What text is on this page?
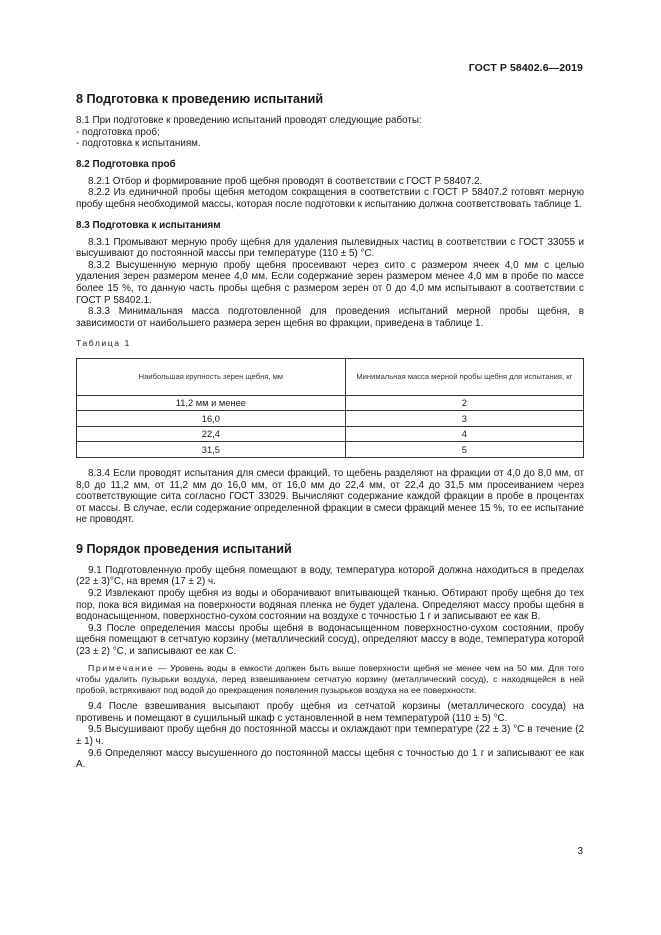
ГОСТ Р 58402.6—2019
8 Подготовка к проведению испытаний

8.1 При подготовке к проведению испытаний проводят следующие работы:

- подготовка проб;

- подготовка к испытаниям.

8.2 Подготовка проб

8.2.1 Отбор и формирование проб щебня проводят в соответствии с ГОСТ Р 58407.2.

8.2.2 Из единичной пробы щебня методом сокращения в соответствии с ГОСТ Р 58407.2 готовят мерную пробу щебня необходимой массы, которая после подготовки к испытанию должна соответствовать таблице 1.

8.3 Подготовка к испытаниям

8.3.1 Промывают мерную пробу щебня для удаления пылевидных частиц в соответствии с ГОСТ 33055 и высушивают до постоянной массы при температуре (110 ± 5) °С.

8.3.2 Высушенную мерную пробу щебня просеивают через сито с размером ячеек 4,0 мм с целью удаления зерен размером менее 4,0 мм. Если содержание зерен размером менее 4,0 мм в пробе по массе более 15 %, то данную часть пробы щебня с размером зерен от 0 до 4,0 мм испытывают в соответствии с ГОСТ Р 58402.1.

8.3.3 Минимальная масса подготовленной для проведения испытаний мерной пробы щебня, в зависимости от наибольшего размера зерен щебня во фракции, приведена в таблице 1.

Таблица 1

Наибольшая крупность зерен щебня, мм	Минимальная масса мерной пробы щебня для испытания, кг
11,2 мм и менее	2
16,0	3
22,4	4
31,5	5

8.3.4 Если проводят испытания для смеси фракций, то щебень разделяют на фракции от 4,0 до 8,0 мм, от 8,0 до 11,2 мм, от 11,2 мм до 16,0 мм, от 16,0 мм до 22,4 мм, от 22,4 до 31,5 мм просеиванием через соответствующие сита согласно ГОСТ 33029. Вычисляют содержание каждой фракции в пробе в процентах от массы. В случае, если содержание определенной фракции в смеси фракций менее 15 %, то ее испытание не проводят.

9 Порядок проведения испытаний

9.1 Подготовленную пробу щебня помещают в воду, температура которой должна находиться в пределах (22 ± 3)°С, на время (17 ± 2) ч.

9.2 Извлекают пробу щебня из воды и оборачивают впитывающей тканью. Обтирают пробу щебня до тех пор, пока вся видимая на поверхности водяная пленка не будет удалена. Определяют массу пробы щебня в водонасыщенном, поверхностно-сухом состоянии на воздухе с точностью 1 г и записывают ее как В.

9.3 После определения массы пробы щебня в водонасыщенном поверхностно-сухом состоянии, пробу щебня помещают в сетчатую корзину (металлический сосуд), определяют массу в воде, температура которой (23 ± 2) °С, и записывают ее как С.

Примечание — Уровень воды в емкости должен быть выше поверхности щебня не менее чем на 50 мм. Для того чтобы удалить пузырьки воздуха, перед взвешиванием сетчатую корзину (металлический сосуд), с находящейся в ней пробой, встряхивают под водой до прекращения появления пузырьков воздуха на ее поверхности.

9.4 После взвешивания высыпают пробу щебня из сетчатой корзины (металлического сосуда) на противень и помещают в сушильный шкаф с установленной в нем температурой (110 ± 5) °С.

9.5 Высушивают пробу щебня до постоянной массы и охлаждают при температуре (22 ± 3) °С в течение (2 ± 1) ч.

9.6 Определяют массу высушенного до постоянной массы щебня с точностью до 1 г и записывают ее как А.

3
